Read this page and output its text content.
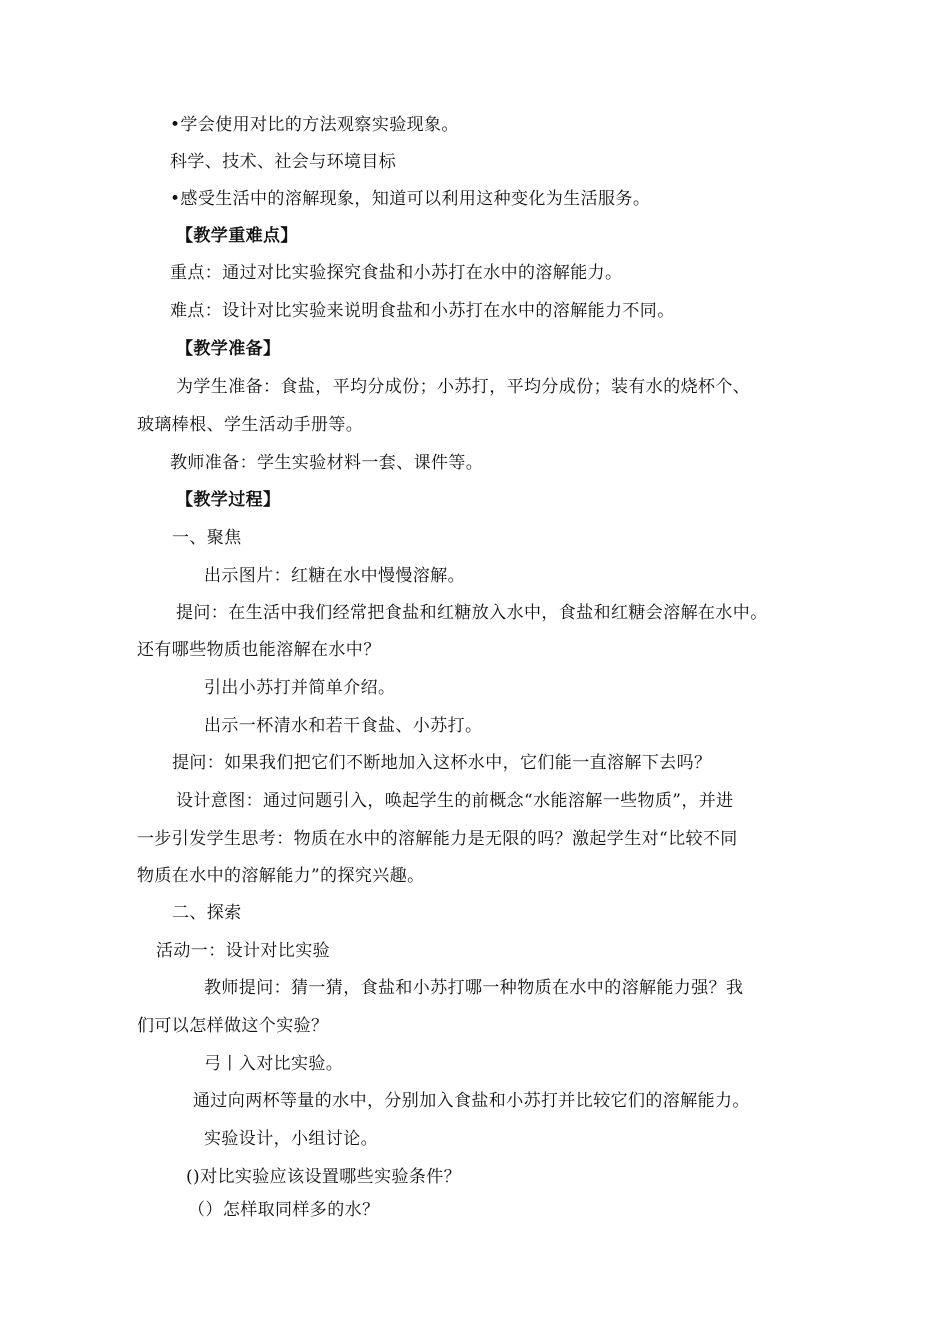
•学会使用对比的方法观察实验现象。
科学、技术、社会与环境目标
•感受生活中的溶解现象，知道可以利用这种变化为生活服务。
【教学重难点】
重点：通过对比实验探究食盐和小苏打在水中的溶解能力。
难点：设计对比实验来说明食盐和小苏打在水中的溶解能力不同。
【教学准备】
为学生准备：食盐，平均分成份；小苏打，平均分成份；装有水的烧杯个、
玻璃棒根、学生活动手册等。
教师准备：学生实验材料一套、课件等。
【教学过程】
一、聚焦
出示图片：红糖在水中慢慢溶解。
提问：在生活中我们经常把食盐和红糖放入水中，食盐和红糖会溶解在水中。
还有哪些物质也能溶解在水中？
引出小苏打并简单介绍。
出示一杯清水和若干食盐、小苏打。
提问：如果我们把它们不断地加入这杯水中，它们能一直溶解下去吗？
设计意图：通过问题引入，唤起学生的前概念“水能溶解一些物质”，并进
一步引发学生思考：物质在水中的溶解能力是无限的吗？激起学生对“比较不同
物质在水中的溶解能力”的探究兴趣。
二、探索
活动一：设计对比实验
教师提问：猜一猜，食盐和小苏打哪一种物质在水中的溶解能力强？我
们可以怎样做这个实验？
弓丨入对比实验。
通过向两杯等量的水中，分别加入食盐和小苏打并比较它们的溶解能力。
实验设计，小组讨论。
()对比实验应该设置哪些实验条件？
（）怎样取同样多的水？
